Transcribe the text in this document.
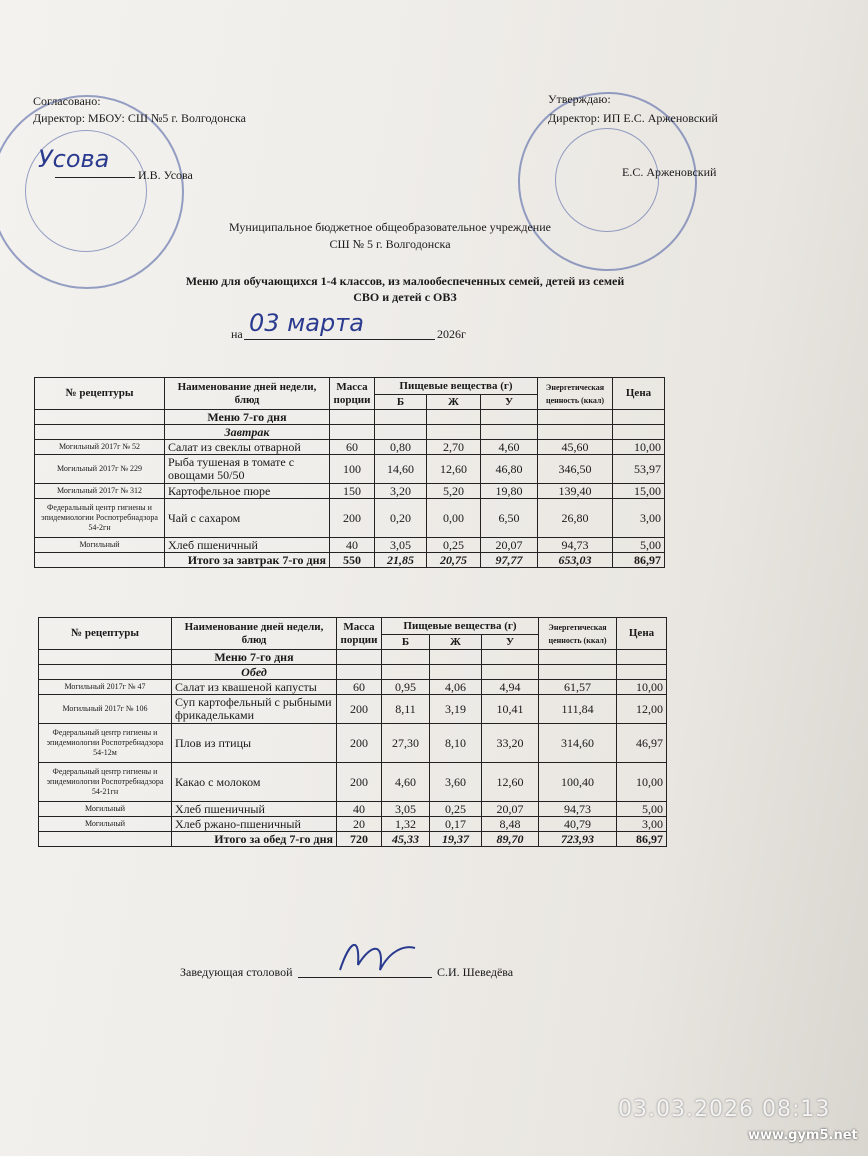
Согласовано:
Директор: МБОУ: СШ №5 г. Волгодонска
Усова
И.В. Усова
Утверждаю:
Директор: ИП Е.С. Арженовский
Е.С. Арженовский
Муниципальное бюджетное общеобразовательное учреждение
СШ № 5 г. Волгодонска
Меню для обучающихся 1-4 классов, из малообеспеченных семей, детей из семей
СВО и детей с ОВЗ
на 03 марта	2026г
№ рецептуры	Наименование дней недели, блюд	Масса порции	Пищевые вещества (г)			Энергетическая ценность (ккал)	Цена
			Б	Ж	У		
	Меню 7-го дня						
	Завтрак						
Могильный 2017г № 52	Салат из свеклы отварной	60	0,80	2,70	4,60	45,60	10,00
Могильный 2017г № 229	Рыба тушеная в томате с овощами 50/50	100	14,60	12,60	46,80	346,50	53,97
Могильный 2017г № 312	Картофельное пюре	150	3,20	5,20	19,80	139,40	15,00
Федеральный центр гигиены и эпидемиологии Роспотребнадзора 54-2гн	Чай с сахаром	200	0,20	0,00	6,50	26,80	3,00
Могильный	Хлеб пшеничный	40	3,05	0,25	20,07	94,73	5,00
	Итого за завтрак 7-го дня	550	21,85	20,75	97,77	653,03	86,97
№ рецептуры	Наименование дней недели, блюд	Масса порции	Пищевые вещества (г)			Энергетическая ценность (ккал)	Цена
			Б	Ж	У		
	Меню 7-го дня						
	Обед						
Могильный 2017г № 47	Салат из квашеной капусты	60	0,95	4,06	4,94	61,57	10,00
Могильный 2017г № 106	Суп картофельный с рыбными фрикадельками	200	8,11	3,19	10,41	111,84	12,00
Федеральный центр гигиены и эпидемиологии Роспотребнадзора 54-12м	Плов из птицы	200	27,30	8,10	33,20	314,60	46,97
Федеральный центр гигиены и эпидемиологии Роспотребнадзора 54-21гн	Какао с молоком	200	4,60	3,60	12,60	100,40	10,00
Могильный	Хлеб пшеничный	40	3,05	0,25	20,07	94,73	5,00
Могильный	Хлеб ржано-пшеничный	20	1,32	0,17	8,48	40,79	3,00
	Итого за обед 7-го дня	720	45,33	19,37	89,70	723,93	86,97
Заведующая столовой	С.И. Шеведёва
03.03.2026 08:13
www.gym5.net
